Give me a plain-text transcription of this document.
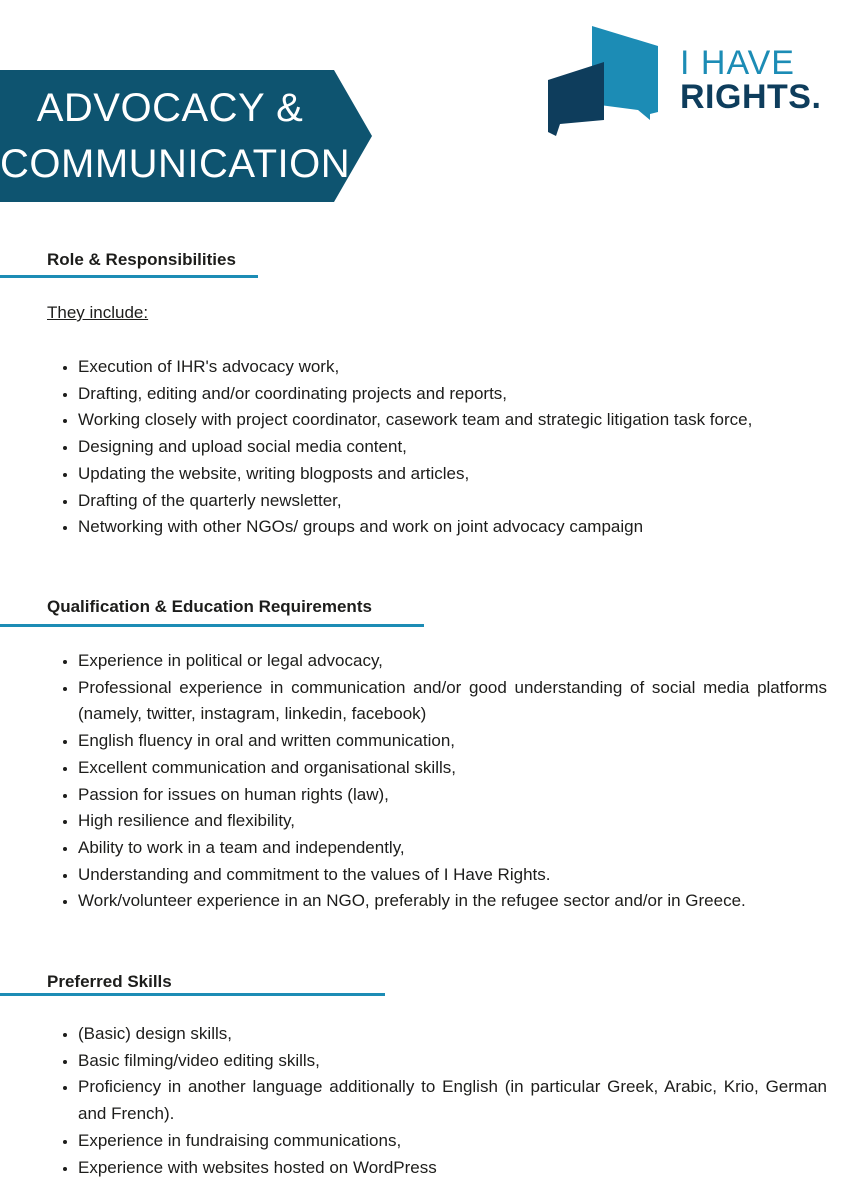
ADVOCACY &
COMMUNICATION
I HAVE
RIGHTS.
Role & Responsibilities
They include:
• Execution of IHR's advocacy work,
• Drafting, editing and/or coordinating projects and reports,
• Working closely with project coordinator, casework team and strategic litigation task force,
• Designing and upload social media content,
• Updating the website, writing blogposts and articles,
• Drafting of the quarterly newsletter,
• Networking with other NGOs/ groups and work on joint advocacy campaign
Qualification & Education Requirements
• Experience in political or legal advocacy,
• Professional experience in communication and/or good understanding of social media platforms (namely, twitter, instagram, linkedin, facebook)
• English fluency in oral and written communication,
• Excellent communication and organisational skills,
• Passion for issues on human rights (law),
• High resilience and flexibility,
• Ability to work in a team and independently,
• Understanding and commitment to the values of I Have Rights.
• Work/volunteer experience in an NGO, preferably in the refugee sector and/or in Greece.
Preferred Skills
• (Basic) design skills,
• Basic filming/video editing skills,
• Proficiency in another language additionally to English (in particular Greek, Arabic, Krio, German and French).
• Experience in fundraising communications,
• Experience with websites hosted on WordPress
